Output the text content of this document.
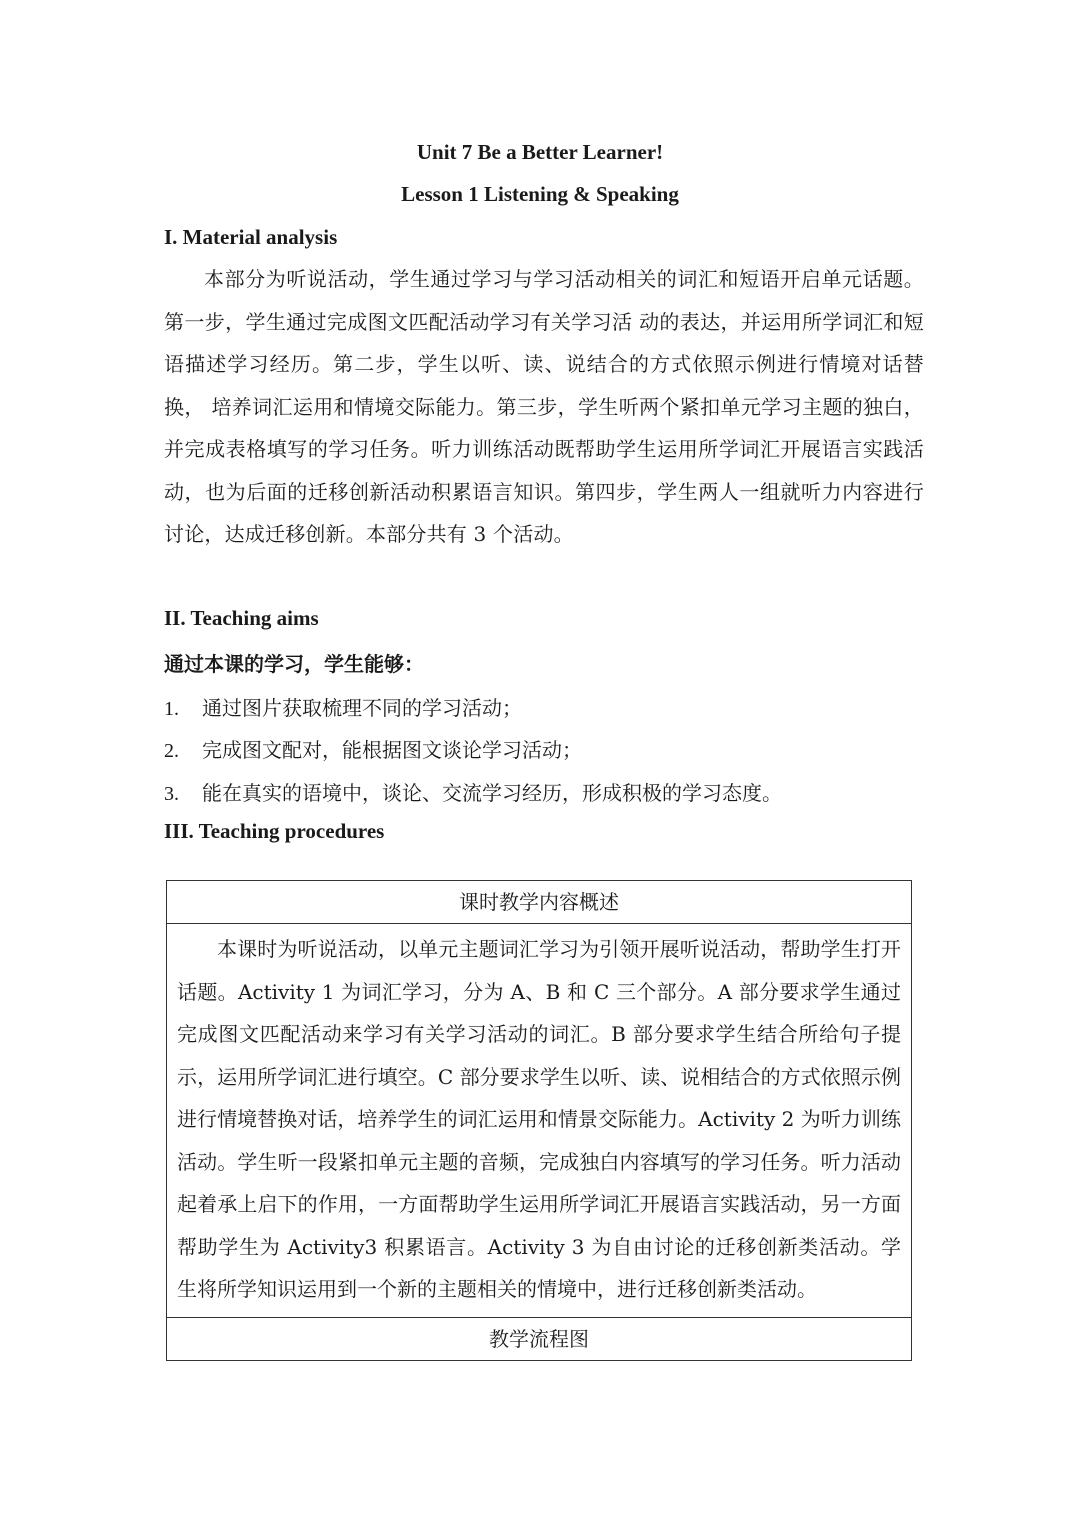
Unit 7 Be a Better Learner!
Lesson 1 Listening & Speaking
I. Material analysis
本部分为听说活动，学生通过学习与学习活动相关的词汇和短语开启单元话题。第一步，学生通过完成图文匹配活动学习有关学习活 动的表达，并运用所学词汇和短语描述学习经历。第二步，学生以听、读、说结合的方式依照示例进行情境对话替换， 培养词汇运用和情境交际能力。第三步，学生听两个紧扣单元学习主题的独白，并完成表格填写的学习任务。听力训练活动既帮助学生运用所学词汇开展语言实践活动，也为后面的迁移创新活动积累语言知识。第四步，学生两人一组就听力内容进行讨论，达成迁移创新。本部分共有 3 个活动。
II. Teaching aims
通过本课的学习，学生能够：
1. 通过图片获取梳理不同的学习活动；
2. 完成图文配对，能根据图文谈论学习活动；
3. 能在真实的语境中，谈论、交流学习经历，形成积极的学习态度。
III. Teaching procedures
课时教学内容概述
本课时为听说活动，以单元主题词汇学习为引领开展听说活动，帮助学生打开话题。Activity 1 为词汇学习，分为 A、B 和 C 三个部分。A 部分要求学生通过完成图文匹配活动来学习有关学习活动的词汇。B 部分要求学生结合所给句子提示，运用所学词汇进行填空。C 部分要求学生以听、读、说相结合的方式依照示例进行情境替换对话，培养学生的词汇运用和情景交际能力。Activity 2 为听力训练活动。学生听一段紧扣单元主题的音频，完成独白内容填写的学习任务。听力活动起着承上启下的作用，一方面帮助学生运用所学词汇开展语言实践活动，另一方面帮助学生为 Activity3 积累语言。Activity 3 为自由讨论的迁移创新类活动。学生将所学知识运用到一个新的主题相关的情境中，进行迁移创新类活动。
教学流程图
